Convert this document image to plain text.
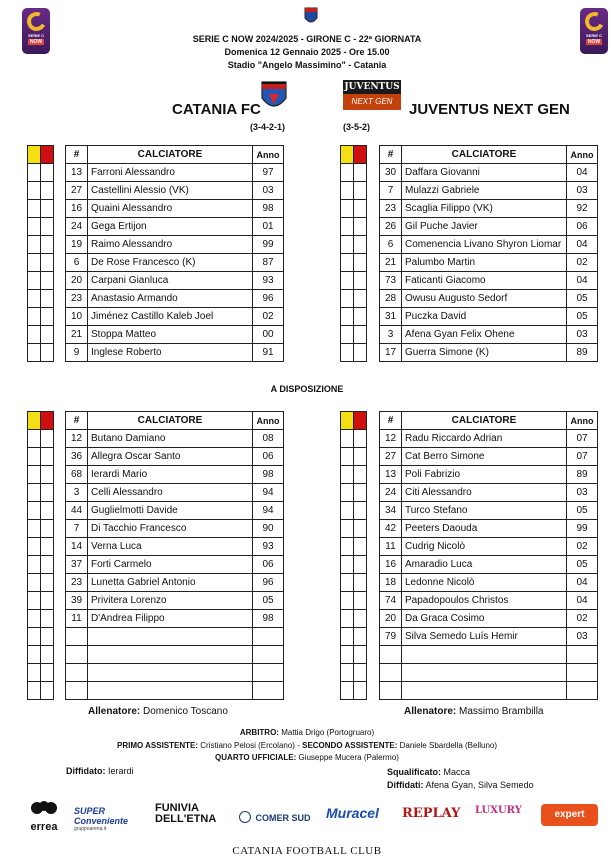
SERIE C
NOW
SERIE C
NOW
SERIE C NOW 2024/2025 - GIRONE C - 22ª GIORNATA
Domenica 12 Gennaio 2025 - Ore 15.00
Stadio "Angelo Massimino" - Catania
JUVENTUS
NEXT GEN
CATANIA FC	JUVENTUS NEXT GEN
(3-4-2-1)	(3-5-2)

#	CALCIATORE	Anno
13	Farroni Alessandro	97
27	Castellini Alessio (VK)	03
16	Quaini Alessandro	98
24	Gega Ertijon	01
19	Raimo Alessandro	99
6	De Rose Francesco (K)	87
20	Carpani Gianluca	93
23	Anastasio Armando	96
10	Jiménez Castillo Kaleb Joel	02
21	Stoppa Matteo	00
9	Inglese Roberto	91
#	CALCIATORE	Anno
30	Daffara Giovanni	04
7	Mulazzi Gabriele	03
23	Scaglia Filippo (VK)	92
26	Gil Puche Javier	06
6	Comenencia Livano Shyron Liomar	04
21	Palumbo Martin	02
73	Faticanti Giacomo	04
28	Owusu Augusto Sedorf	05
31	Puczka David	05
3	Afena Gyan Felix Ohene	03
17	Guerra Simone (K)	89
A DISPOSIZIONE
#	CALCIATORE	Anno
12	Butano Damiano	08
36	Allegra Oscar Santo	06
68	Ierardi Mario	98
3	Celli Alessandro	94
44	Guglielmotti Davide	94
7	Di Tacchio Francesco	90
14	Verna Luca	93
37	Forti Carmelo	06
23	Lunetta Gabriel Antonio	96
39	Privitera Lorenzo	05
11	D'Andrea Filippo	98

#	CALCIATORE	Anno
12	Radu Riccardo Adrian	07
27	Cat Berro Simone	07
13	Poli Fabrizio	89
24	Citi Alessandro	03
34	Turco Stefano	05
42	Peeters Daouda	99
11	Cudrig Nicolò	02
16	Amaradio Luca	05
18	Ledonne Nicolò	04
74	Papadopoulos Christos	04
20	Da Graca Cosimo	02
79	Silva Semedo Luís Hemir	03

Allenatore: Domenico Toscano	Allenatore: Massimo Brambilla
ARBITRO: Mattia Drigo (Portogruaro)
PRIMO ASSISTENTE: Cristiano Pelosi (Ercolano) - SECONDO ASSISTENTE: Daniele Sbardella (Belluno)
QUARTO UFFICIALE: Giuseppe Mucera (Palermo)
Diffidato: Ierardi	Squalificato: Macca
Diffidati: Afena Gyan, Silva Semedo
errea
SUPER Conveniente
gruppoarena.it
FUNIVIA DELL'ETNA	COMER SUD Muracel REPLAY LUXURY	expert
CATANIA FOOTBALL CLUB
